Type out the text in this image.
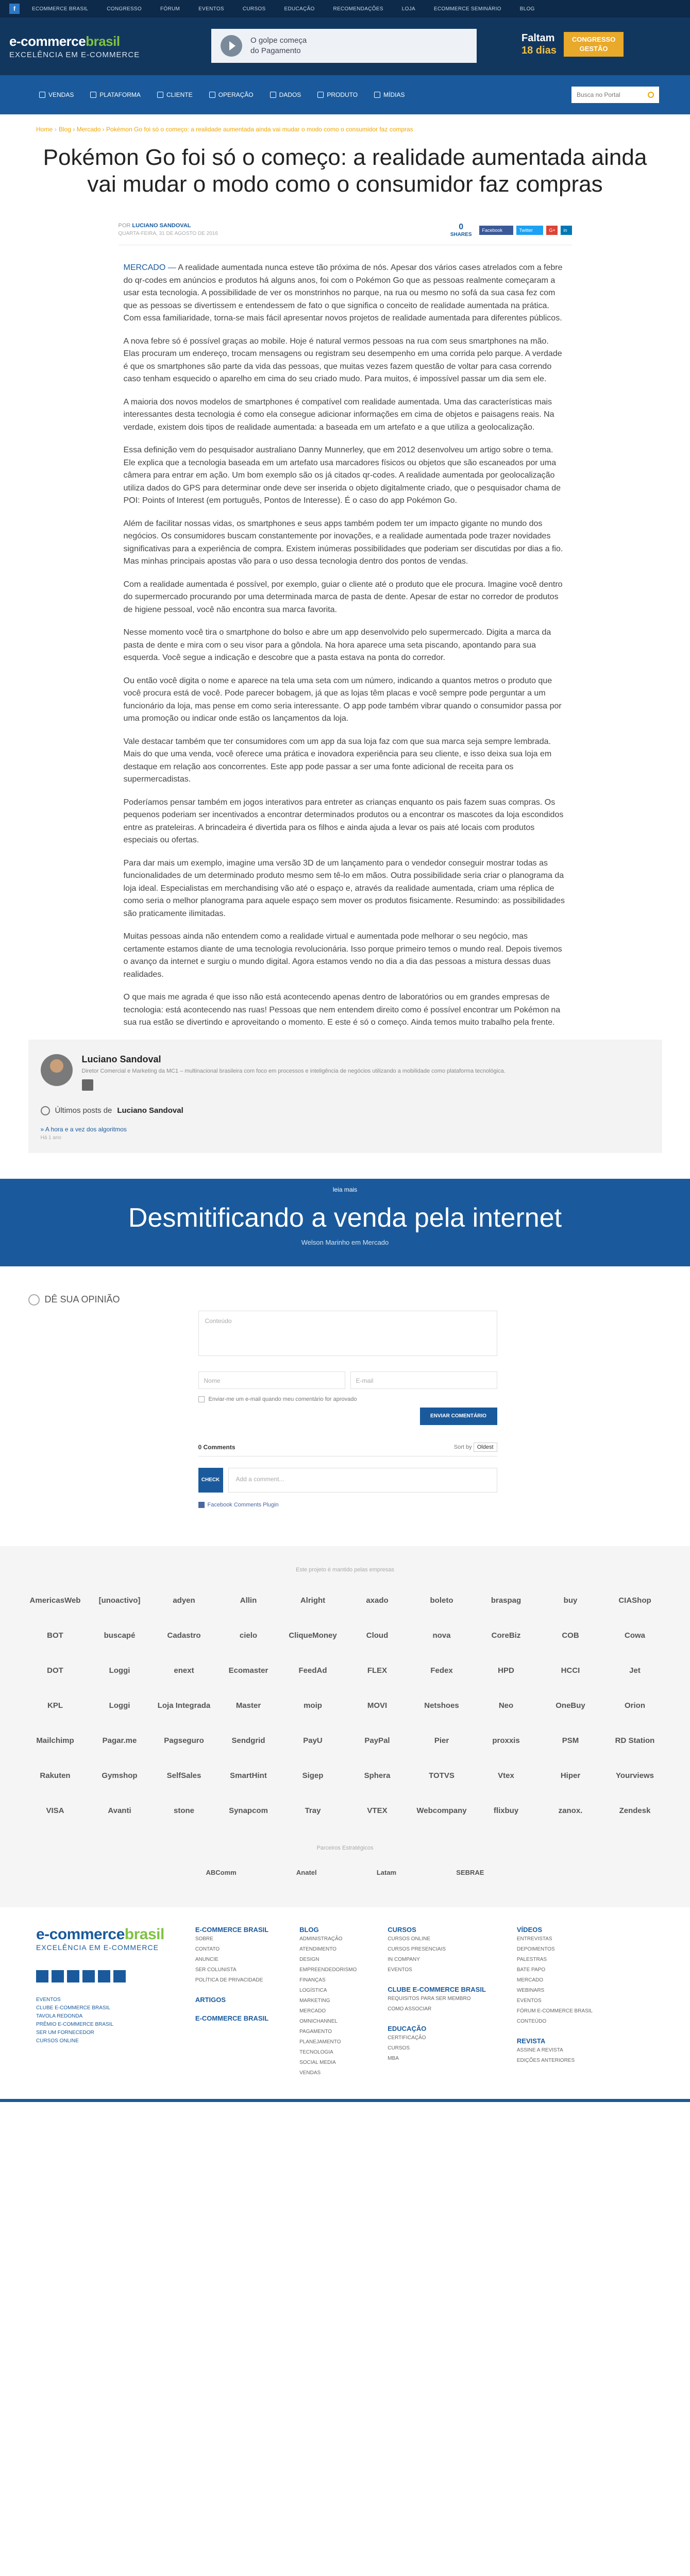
f	ECOMMERCE BRASIL	CONGRESSO	FÓRUM	EVENTOS	CURSOS	EDUCAÇÃO	RECOMENDAÇÕES	LOJA	ECOMMERCE SEMINÁRIO	BLOG
e-commercebrasil
EXCELÊNCIA EM E-COMMERCE
O golpe começa
do Pagamento
Faltam
18 dias
CONGRESSO
GESTÃO
VENDAS	PLATAFORMA	CLIENTE	OPERAÇÃO	DADOS	PRODUTO	MÍDIAS	Busca no Portal
Home › Blog › Mercado › Pokémon Go foi só o começo: a realidade aumentada ainda vai mudar o modo como o consumidor faz compras
Pokémon Go foi só o começo: a realidade aumentada ainda vai mudar o modo como o consumidor faz compras
POR LUCIANO SANDOVAL
QUARTA-FEIRA, 31 DE AGOSTO DE 2016
0
SHARES
Facebook	Twitter	G+	in

MERCADO — A realidade aumentada nunca esteve tão próxima de nós. Apesar dos vários cases atrelados com a febre do qr-codes em anúncios e produtos há alguns anos, foi com o Pokémon Go que as pessoas realmente começaram a usar esta tecnologia. A possibilidade de ver os monstrinhos no parque, na rua ou mesmo no sofá da sua casa fez com que as pessoas se divertissem e entendessem de fato o que significa o conceito de realidade aumentada na prática. Com essa familiaridade, torna-se mais fácil apresentar novos projetos de realidade aumentada para diferentes públicos.

A nova febre só é possível graças ao mobile. Hoje é natural vermos pessoas na rua com seus smartphones na mão. Elas procuram um endereço, trocam mensagens ou registram seu desempenho em uma corrida pelo parque. A verdade é que os smartphones são parte da vida das pessoas, que muitas vezes fazem questão de voltar para casa correndo caso tenham esquecido o aparelho em cima do seu criado mudo. Para muitos, é impossível passar um dia sem ele.

A maioria dos novos modelos de smartphones é compatível com realidade aumentada. Uma das características mais interessantes desta tecnologia é como ela consegue adicionar informações em cima de objetos e paisagens reais. Na verdade, existem dois tipos de realidade aumentada: a baseada em um artefato e a que utiliza a geolocalização.

Essa definição vem do pesquisador australiano Danny Munnerley, que em 2012 desenvolveu um artigo sobre o tema. Ele explica que a tecnologia baseada em um artefato usa marcadores físicos ou objetos que são escaneados por uma câmera para entrar em ação. Um bom exemplo são os já citados qr-codes. A realidade aumentada por geolocalização utiliza dados do GPS para determinar onde deve ser inserida o objeto digitalmente criado, que o pesquisador chama de POI: Points of Interest (em português, Pontos de Interesse). É o caso do app Pokémon Go.

Além de facilitar nossas vidas, os smartphones e seus apps também podem ter um impacto gigante no mundo dos negócios. Os consumidores buscam constantemente por inovações, e a realidade aumentada pode trazer novidades significativas para a experiência de compra. Existem inúmeras possibilidades que poderiam ser discutidas por dias a fio. Mas minhas principais apostas vão para o uso dessa tecnologia dentro dos pontos de vendas.

Com a realidade aumentada é possível, por exemplo, guiar o cliente até o produto que ele procura. Imagine você dentro do supermercado procurando por uma determinada marca de pasta de dente. Apesar de estar no corredor de produtos de higiene pessoal, você não encontra sua marca favorita.

Nesse momento você tira o smartphone do bolso e abre um app desenvolvido pelo supermercado. Digita a marca da pasta de dente e mira com o seu visor para a gôndola. Na hora aparece uma seta piscando, apontando para sua esquerda. Você segue a indicação e descobre que a pasta estava na ponta do corredor.

Ou então você digita o nome e aparece na tela uma seta com um número, indicando a quantos metros o produto que você procura está de você. Pode parecer bobagem, já que as lojas têm placas e você sempre pode perguntar a um funcionário da loja, mas pense em como seria interessante. O app pode também vibrar quando o consumidor passa por uma promoção ou indicar onde estão os lançamentos da loja.

Vale destacar também que ter consumidores com um app da sua loja faz com que sua marca seja sempre lembrada. Mais do que uma venda, você oferece uma prática e inovadora experiência para seu cliente, e isso deixa sua loja em destaque em relação aos concorrentes. Este app pode passar a ser uma fonte adicional de receita para os supermercadistas.

Poderíamos pensar também em jogos interativos para entreter as crianças enquanto os pais fazem suas compras. Os pequenos poderiam ser incentivados a encontrar determinados produtos ou a encontrar os mascotes da loja escondidos entre as prateleiras. A brincadeira é divertida para os filhos e ainda ajuda a levar os pais até locais com produtos especiais ou ofertas.

Para dar mais um exemplo, imagine uma versão 3D de um lançamento para o vendedor conseguir mostrar todas as funcionalidades de um determinado produto mesmo sem tê-lo em mãos. Outra possibilidade seria criar o planograma da loja ideal. Especialistas em merchandising vão até o espaço e, através da realidade aumentada, criam uma réplica de como seria o melhor planograma para aquele espaço sem mover os produtos fisicamente. Resumindo: as possibilidades são praticamente ilimitadas.

Muitas pessoas ainda não entendem como a realidade virtual e aumentada pode melhorar o seu negócio, mas certamente estamos diante de uma tecnologia revolucionária. Isso porque primeiro temos o mundo real. Depois tivemos o avanço da internet e surgiu o mundo digital. Agora estamos vendo no dia a dia das pessoas a mistura dessas duas realidades.

O que mais me agrada é que isso não está acontecendo apenas dentro de laboratórios ou em grandes empresas de tecnologia: está acontecendo nas ruas! Pessoas que nem entendem direito como é possível encontrar um Pokémon na sua rua estão se divertindo e aproveitando o momento. E este é só o começo. Ainda temos muito trabalho pela frente.

Luciano Sandoval
Diretor Comercial e Marketing da MC1 – multinacional brasileira com foco em processos e inteligência de negócios utilizando a mobilidade como plataforma tecnológica.
Últimos posts de Luciano Sandoval
» A hora e a vez dos algoritmos
Há 1 ano
leia mais
Desmitificando a venda pela internet
Welson Marinho em Mercado
DÊ SUA OPINIÃO
Conteúdo
Nome	E-mail
Enviar-me um e-mail quando meu comentário for aprovado
ENVIAR COMENTÁRIO
0 Comments	Sort by Oldest
CHECK	Add a comment...
Facebook Comments Plugin
Este projeto é mantido pelas empresas
AmericasWeb	[unoactivo]	adyen	Allin	Alright	axado	boleto	braspag	buy	CIAShop
BOT	buscapé	Cadastro	cielo	CliqueMoney	Cloud	nova	CoreBiz	COB	Cowa
DOT	Loggi	enext	Ecomaster	FeedAd	FLEX	Fedex	HPD	HCCI	Jet
KPL	Loggi	Loja Integrada	Master	moip	MOVI	Netshoes	Neo	OneBuy	Orion
Mailchimp	Pagar.me	Pagseguro	Sendgrid	PayU	PayPal	Pier	proxxis	PSM	RD Station
Rakuten	Gymshop	SelfSales	SmartHint	Sigep	Sphera	TOTVS	Vtex	Hiper	Yourviews
VISA	Avanti	stone	Synapcom	Tray	VTEX	Webcompany	flixbuy	zanox.	Zendesk
Parceiros Estratégicos
ABComm	Anatel	Latam	SEBRAE
e-commercebrasil
EXCELÊNCIA EM E-COMMERCE
EVENTOS
CLUBE E-COMMERCE BRASIL
TAVOLA REDONDA
PRÊMIO E-COMMERCE BRASIL
SER UM FORNECEDOR
CURSOS ONLINE
E-COMMERCE BRASIL
SOBRE
CONTATO
ANUNCIE
SER COLUNISTA
POLÍTICA DE PRIVACIDADE
ARTIGOS
E-COMMERCE BRASIL
BLOG
ADMINISTRAÇÃO
ATENDIMENTO
DESIGN
EMPREENDEDORISMO
FINANÇAS
LOGÍSTICA
MARKETING
MERCADO
OMNICHANNEL
PAGAMENTO
PLANEJAMENTO
TECNOLOGIA
SOCIAL MEDIA
VENDAS
CURSOS
CURSOS ONLINE
CURSOS PRESENCIAIS
IN COMPANY
EVENTOS
CLUBE E-COMMERCE BRASIL
REQUISITOS PARA SER MEMBRO
COMO ASSOCIAR
EDUCAÇÃO
CERTIFICAÇÃO
CURSOS
MBA
VÍDEOS
ENTREVISTAS
DEPOIMENTOS
PALESTRAS
BATE PAPO
MERCADO
WEBINARS
EVENTOS
FÓRUM E-COMMERCE BRASIL
CONTEÚDO
REVISTA
ASSINE A REVISTA
EDIÇÕES ANTERIORES
